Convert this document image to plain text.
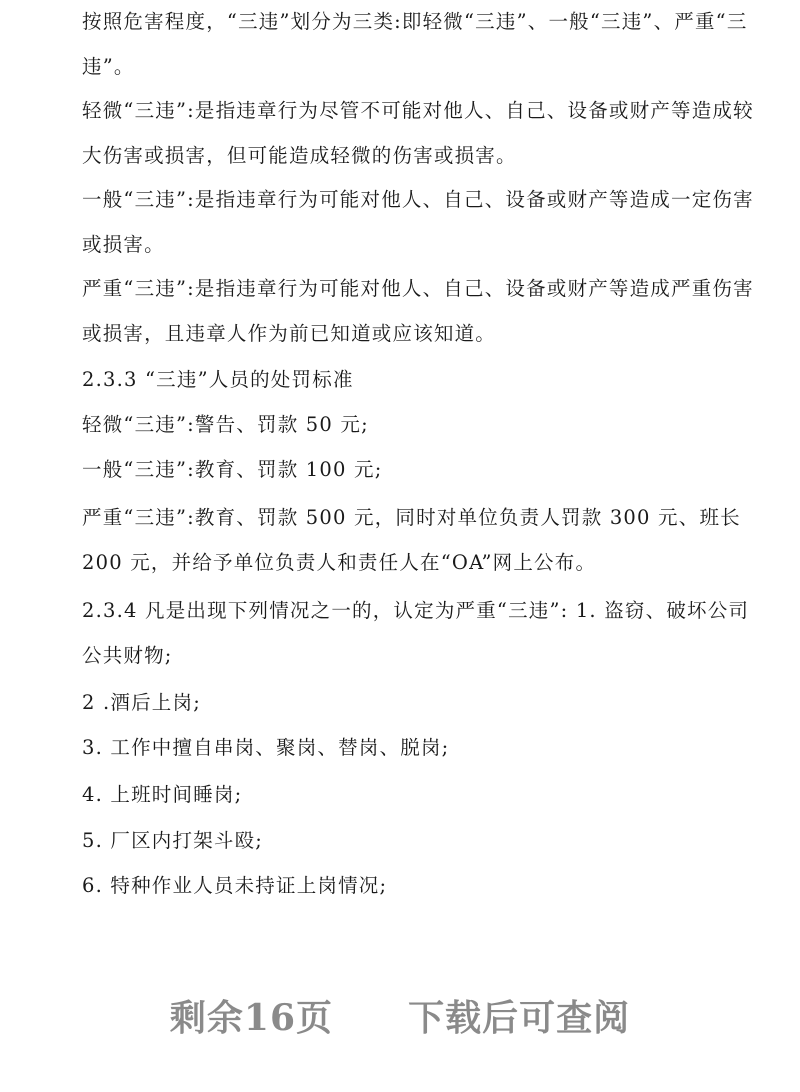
按照危害程度，“三违”划分为三类:即轻微“三违”、一般“三违”、严重“三违”。

轻微“三违”:是指违章行为尽管不可能对他人、自己、设备或财产等造成较大伤害或损害，但可能造成轻微的伤害或损害。

一般“三违”:是指违章行为可能对他人、自己、设备或财产等造成一定伤害或损害。

严重“三违”:是指违章行为可能对他人、自己、设备或财产等造成严重伤害或损害，且违章人作为前已知道或应该知道。

2.3.3 “三违”人员的处罚标准

轻微“三违”:警告、罚款 50 元;

一般“三违”:教育、罚款 100 元;

严重“三违”:教育、罚款 500 元，同时对单位负责人罚款 300 元、班长 200 元，并给予单位负责人和责任人在“OA”网上公布。

2.3.4 凡是出现下列情况之一的，认定为严重“三违”: 1. 盗窃、破坏公司公共财物;

2 .酒后上岗;

3. 工作中擅自串岗、聚岗、替岗、脱岗;

4. 上班时间睡岗;

5. 厂区内打架斗殴;

6. 特种作业人员未持证上岗情况;

剩余16页 下载后可查阅
